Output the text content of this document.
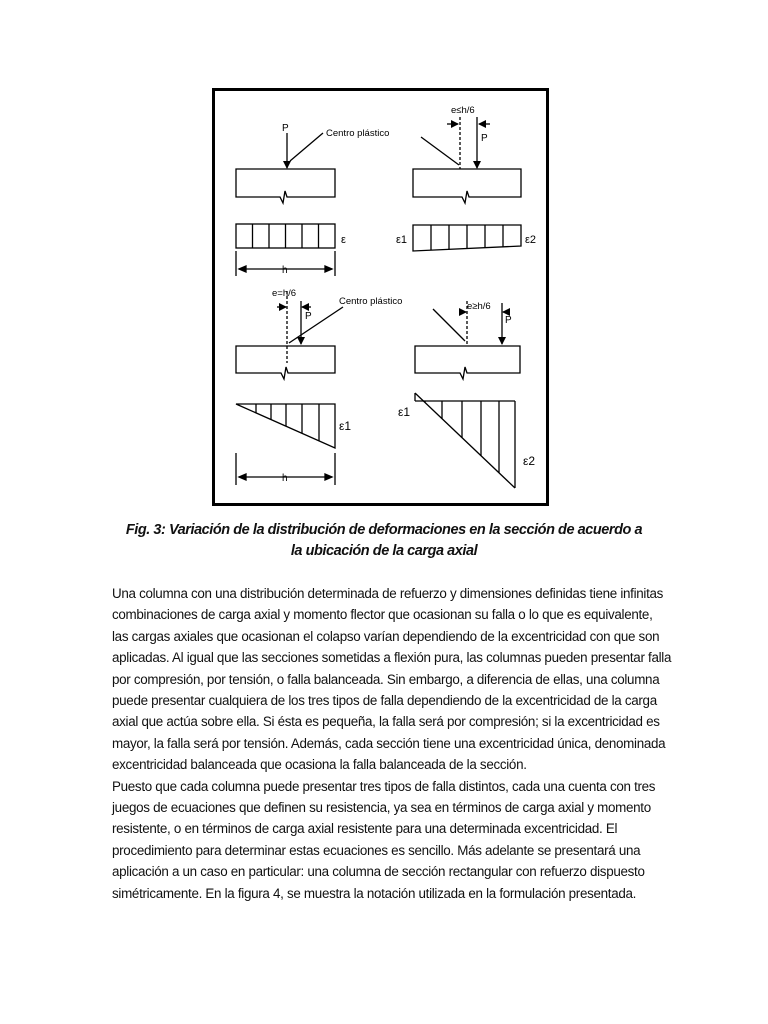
P	Centro plástico
e≤h/6
P
ε	ε1	ε2
h
e=h/6
Centro plástico
P
e≥h/6
P
ε1
ε1
ε2
h
Fig. 3: Variación de la distribución de deformaciones en la sección de acuerdo a
la ubicación de la carga axial

Una columna con una distribución determinada de refuerzo y dimensiones definidas tiene infinitas combinaciones de carga axial y momento flector que ocasionan su falla o lo que es equivalente, las cargas axiales que ocasionan el colapso varían dependiendo de la excentricidad con que son aplicadas. Al igual que las secciones sometidas a flexión pura, las columnas pueden presentar falla por compresión, por tensión, o falla balanceada. Sin embargo, a diferencia de ellas, una columna puede presentar cualquiera de los tres tipos de falla dependiendo de la excentricidad de la carga axial que actúa sobre ella. Si ésta es pequeña, la falla será por compresión; si la excentricidad es mayor, la falla será por tensión. Además, cada sección tiene una excentricidad única, denominada excentricidad balanceada que ocasiona la falla balanceada de la sección.

Puesto que cada columna puede presentar tres tipos de falla distintos, cada una cuenta con tres juegos de ecuaciones que definen su resistencia, ya sea en términos de carga axial y momento resistente, o en términos de carga axial resistente para una determinada excentricidad. El procedimiento para determinar estas ecuaciones es sencillo. Más adelante se presentará una aplicación a un caso en particular: una columna de sección rectangular con refuerzo dispuesto simétricamente. En la figura 4, se muestra la notación utilizada en la formulación presentada.
